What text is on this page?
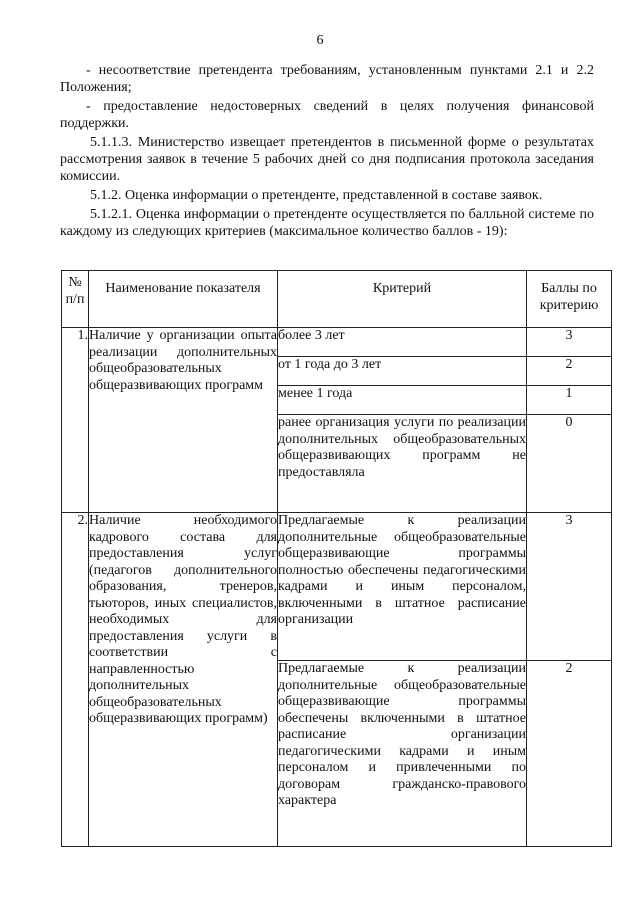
6

- несоответствие претендента требованиям, установленным пунктами 2.1 и 2.2 Положения;

- предоставление недостоверных сведений в целях получения финансовой поддержки.

5.1.1.3. Министерство извещает претендентов в письменной форме о результатах рассмотрения заявок в течение 5 рабочих дней со дня подписания протокола заседания комиссии.

5.1.2. Оценка информации о претенденте, представленной в составе заявок.

5.1.2.1. Оценка информации о претенденте осуществляется по балльной системе по каждому из следующих критериев (максимальное количество баллов - 19):

№ п/п	Наименование показателя	Критерий	Баллы по критерию
1.	Наличие у организации опыта реализации дополнительных общеобразовательных общеразвивающих программ	более 3 лет	3
		от 1 года до 3 лет	2
		менее 1 года	1
		ранее организация услуги по реализации дополнительных общеобразовательных общеразвивающих программ не предоставляла	0
2.	Наличие необходимого кадрового состава для предоставления услуг (педагогов дополнительного образования, тренеров, тьюторов, иных специалистов, необходимых для предоставления услуги в соответствии с направленностью дополнительных общеобразовательных общеразвивающих программ)	Предлагаемые к реализации дополнительные общеобразовательные общеразвивающие программы полностью обеспечены педагогическими кадрами и иным персоналом, включенными в штатное расписание организации	3
		Предлагаемые к реализации дополнительные общеобразовательные общеразвивающие программы обеспечены включенными в штатное расписание организации педагогическими кадрами и иным персоналом и привлеченными по договорам гражданско-правового характера	2
